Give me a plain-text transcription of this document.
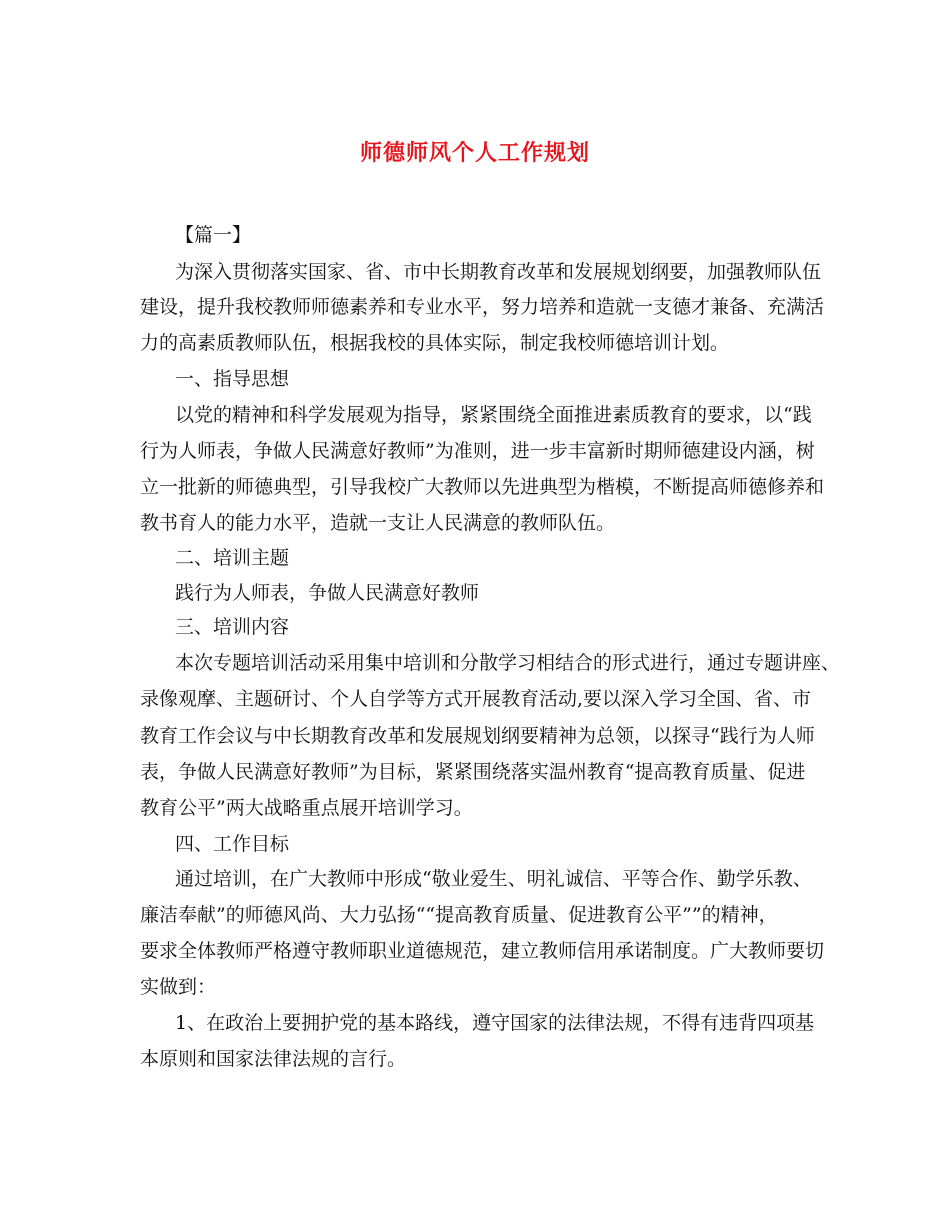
师德师风个人工作规划
【篇一】
为深入贯彻落实国家、省、市中长期教育改革和发展规划纲要，加强教师队伍
建设，提升我校教师师德素养和专业水平，努力培养和造就一支德才兼备、充满活
力的高素质教师队伍，根据我校的具体实际，制定我校师德培训计划。
一、指导思想
以党的精神和科学发展观为指导，紧紧围绕全面推进素质教育的要求，以“践
行为人师表，争做人民满意好教师”为准则，进一步丰富新时期师德建设内涵，树
立一批新的师德典型，引导我校广大教师以先进典型为楷模，不断提高师德修养和
教书育人的能力水平，造就一支让人民满意的教师队伍。
二、培训主题
践行为人师表，争做人民满意好教师
三、培训内容
本次专题培训活动采用集中培训和分散学习相结合的形式进行，通过专题讲座、
录像观摩、主题研讨、个人自学等方式开展教育活动,要以深入学习全国、省、市
教育工作会议与中长期教育改革和发展规划纲要精神为总领，以探寻“践行为人师
表，争做人民满意好教师”为目标，紧紧围绕落实温州教育“提高教育质量、促进
教育公平”两大战略重点展开培训学习。
四、工作目标
通过培训，在广大教师中形成“敬业爱生、明礼诚信、平等合作、勤学乐教、
廉洁奉献”的师德风尚、大力弘扬““提高教育质量、促进教育公平””的精神，
要求全体教师严格遵守教师职业道德规范，建立教师信用承诺制度。广大教师要切
实做到：
1、在政治上要拥护党的基本路线，遵守国家的法律法规，不得有违背四项基
本原则和国家法律法规的言行。
